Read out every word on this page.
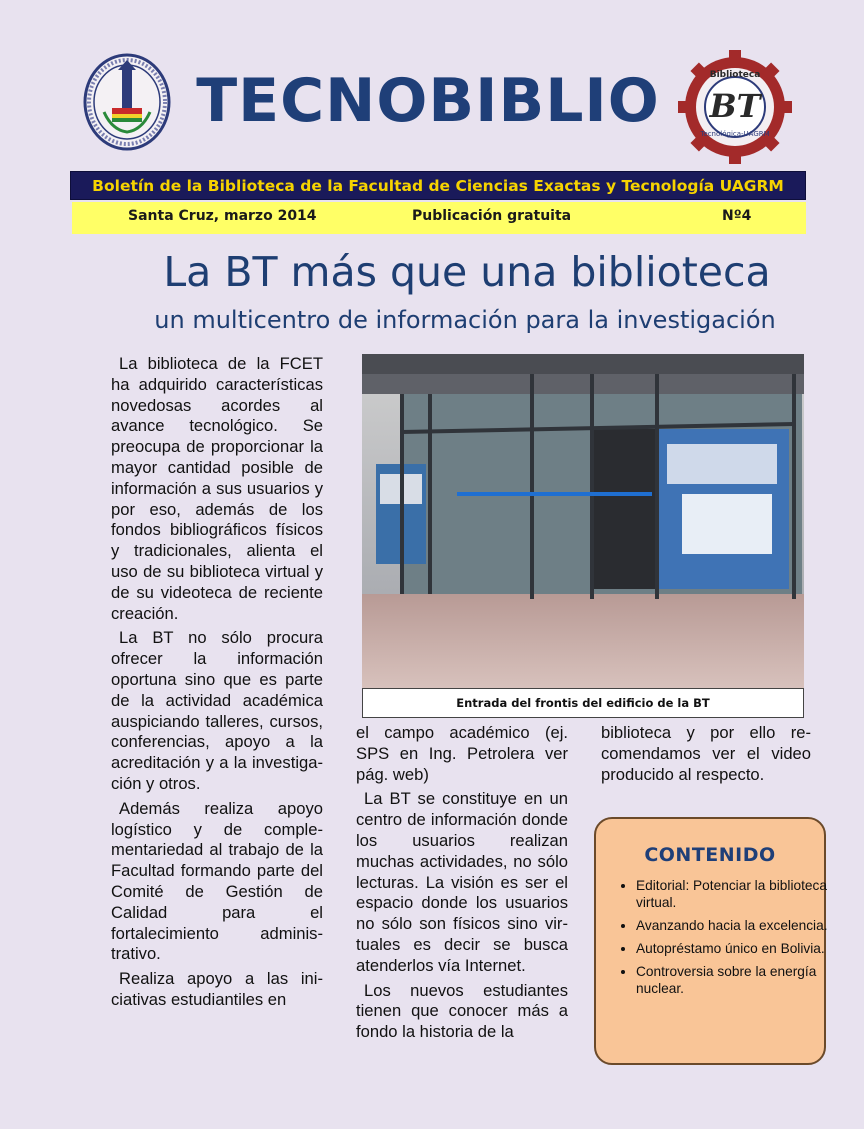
TECNOBIBLIO	Biblioteca
BT
Tecnológica-UAGRM
Boletín de la Biblioteca de la Facultad de Ciencias Exactas y Tecnología UAGRM
Santa Cruz, marzo 2014	Publicación gratuita	Nº4
La BT más que una biblioteca
un multicentro de información para la investigación

La biblioteca de la FCET ha adquirido características novedosas acordes al avance tecnológico. Se preocupa de proporcionar la mayor cantidad posible de información a sus usuarios y por eso, además de los fondos bibliográficos físicos y tradicionales, alienta el uso de su biblioteca virtual y de su videoteca de reciente creación.

La BT no sólo procura ofrecer la información oportuna sino que es parte de la actividad académica auspiciando talleres, cursos, conferencias, apoyo a la acreditación y a la investigación y otros.

Además realiza apoyo logístico y de complementariedad al trabajo de la Facultad formando parte del Comité de Gestión de Calidad para el fortalecimiento administrativo.

Realiza apoyo a las iniciativas estudiantiles en

Entrada del frontis del edificio de la BT

el campo académico (ej. SPS en Ing. Petrolera ver pág. web)

La BT se constituye en un centro de información donde los usuarios realizan muchas actividades, no sólo lecturas. La visión es ser el espacio donde los usuarios no sólo son físicos sino virtuales es decir se busca atenderlos vía Internet.

Los nuevos estudiantes tienen que conocer más a fondo la historia de la

biblioteca y por ello recomendamos ver el video producido al respecto.

CONTENIDO
• Editorial: Potenciar la biblioteca virtual.
• Avanzando hacia la excelencia.
• Autopréstamo único en Bolivia.
• Controversia sobre la energía nuclear.
